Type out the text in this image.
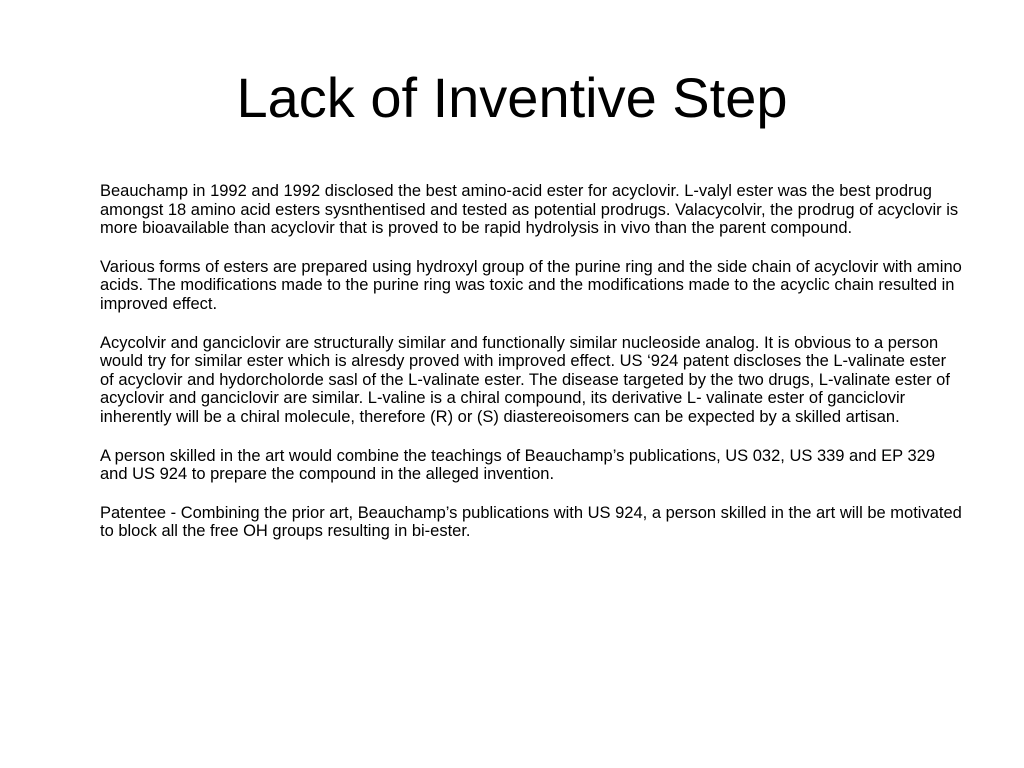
Lack of Inventive Step

Beauchamp in 1992 and 1992 disclosed the best amino-acid ester for acyclovir. L-valyl ester was the best prodrug amongst 18 amino acid esters sysnthentised and tested as potential prodrugs. Valacycolvir, the prodrug of acyclovir is more bioavailable than acyclovir that is proved to be rapid hydrolysis in vivo than the parent compound.

Various forms of esters are prepared using hydroxyl group of the purine ring and the side chain of acyclovir with amino acids. The modifications made to the purine ring was toxic and the modifications made to the acyclic chain resulted in improved effect.

Acycolvir and ganciclovir are structurally similar and functionally similar nucleoside analog. It is obvious to a person would try for similar ester which is alresdy proved with improved effect. US ‘924 patent discloses the L-valinate ester of acyclovir and hydorcholorde sasl of the L-valinate ester. The disease targeted by the two drugs, L-valinate ester of acyclovir and ganciclovir are similar. L-valine is a chiral compound, its derivative L- valinate ester of ganciclovir inherently will be a chiral molecule, therefore (R) or (S) diastereoisomers can be expected by a skilled artisan.

A person skilled in the art would combine the teachings of Beauchamp’s publications, US 032, US 339 and EP 329 and US 924 to prepare the compound in the alleged invention.

Patentee - Combining the prior art, Beauchamp’s publications with US 924, a person skilled in the art will be motivated to block all the free OH groups resulting in bi-ester.
